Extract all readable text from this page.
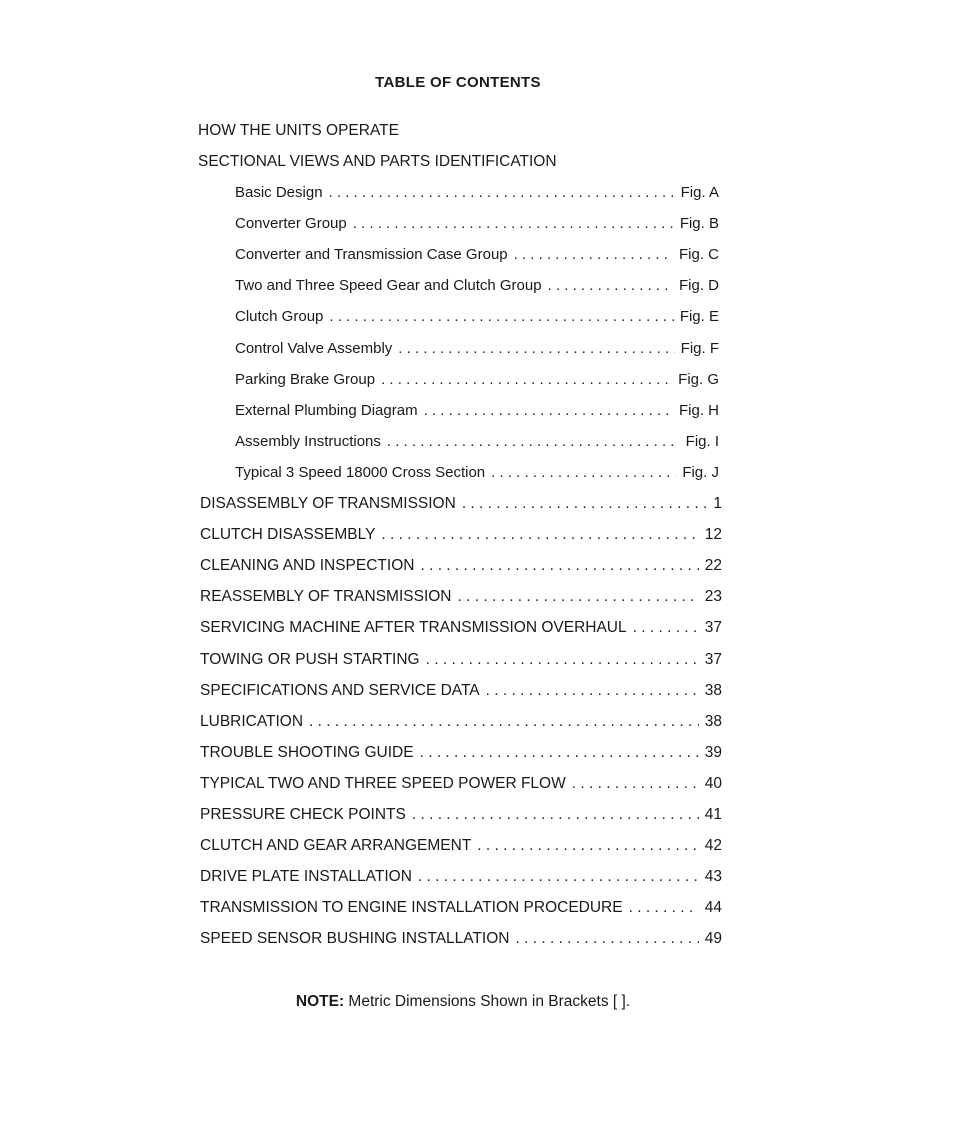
TABLE OF CONTENTS
HOW THE UNITS OPERATE
SECTIONAL VIEWS AND PARTS IDENTIFICATION
Basic Design . . .	Fig. A
Converter Group . . .	Fig. B
Converter and Transmission Case Group . . .	Fig. C
Two and Three Speed Gear and Clutch Group . . .	Fig. D
Clutch Group . . .	Fig. E
Control Valve Assembly . . .	Fig. F
Parking Brake Group . . .	Fig. G
External Plumbing Diagram . . .	Fig. H
Assembly Instructions . . .	Fig. I
Typical 3 Speed 18000 Cross Section . . .	Fig. J
DISASSEMBLY OF TRANSMISSION . . .	1
CLUTCH DISASSEMBLY . . .	12
CLEANING AND INSPECTION . . .	22
REASSEMBLY OF TRANSMISSION . . .	23
SERVICING MACHINE AFTER TRANSMISSION OVERHAUL . . .	37
TOWING OR PUSH STARTING . . .	37
SPECIFICATIONS AND SERVICE DATA . . .	38
LUBRICATION . . .	38
TROUBLE SHOOTING GUIDE . . .	39
TYPICAL TWO AND THREE SPEED POWER FLOW . . .	40
PRESSURE CHECK POINTS . . .	41
CLUTCH AND GEAR ARRANGEMENT . . .	42
DRIVE PLATE INSTALLATION . . .	43
TRANSMISSION TO ENGINE INSTALLATION PROCEDURE . . .	44
SPEED SENSOR BUSHING INSTALLATION . . .	49
NOTE: Metric Dimensions Shown in Brackets [ ].
